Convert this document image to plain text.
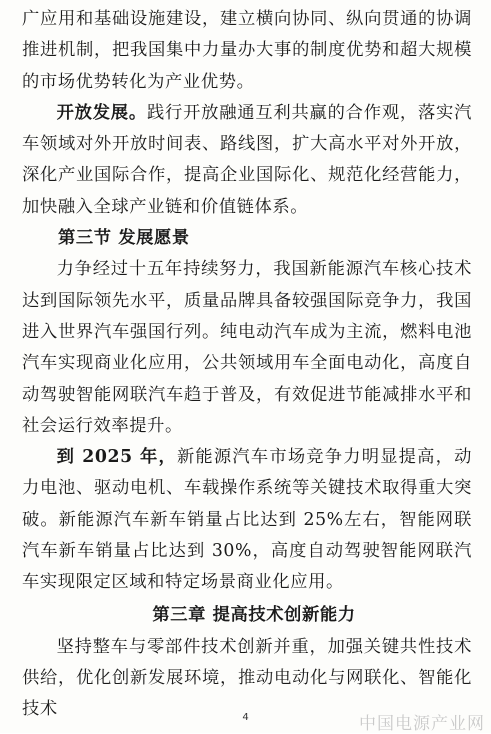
广应用和基础设施建设，建立横向协同、纵向贯通的协调推进机制，把我国集中力量办大事的制度优势和超大规模的市场优势转化为产业优势。

开放发展。践行开放融通互利共赢的合作观，落实汽车领域对外开放时间表、路线图，扩大高水平对外开放，深化产业国际合作，提高企业国际化、规范化经营能力，加快融入全球产业链和价值链体系。

第三节 发展愿景

力争经过十五年持续努力，我国新能源汽车核心技术达到国际领先水平，质量品牌具备较强国际竞争力，我国进入世界汽车强国行列。纯电动汽车成为主流，燃料电池汽车实现商业化应用，公共领域用车全面电动化，高度自动驾驶智能网联汽车趋于普及，有效促进节能减排水平和社会运行效率提升。

到 2025 年，新能源汽车市场竞争力明显提高，动力电池、驱动电机、车载操作系统等关键技术取得重大突破。新能源汽车新车销量占比达到 25%左右，智能网联汽车新车销量占比达到 30%，高度自动驾驶智能网联汽车实现限定区域和特定场景商业化应用。

第三章 提高技术创新能力

坚持整车与零部件技术创新并重，加强关键共性技术供给，优化创新发展环境，推动电动化与网联化、智能化技术	4	中国电源产业网
